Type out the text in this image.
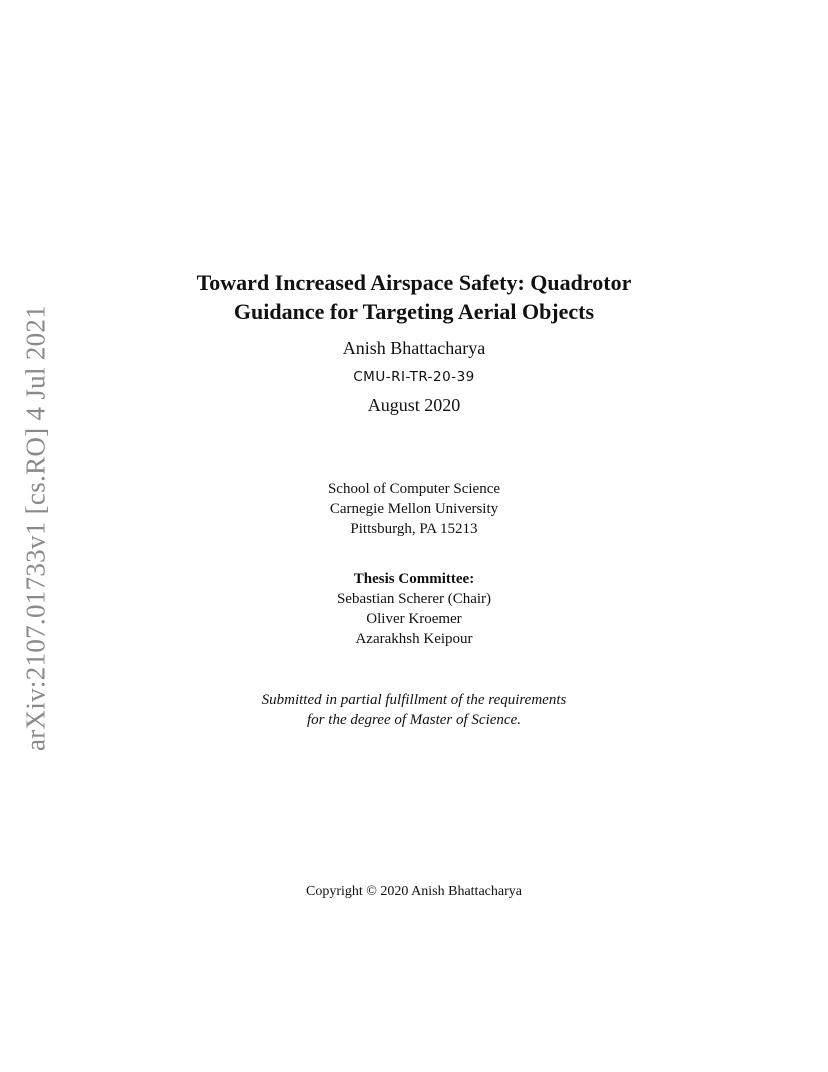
arXiv:2107.01733v1 [cs.RO] 4 Jul 2021
Toward Increased Airspace Safety: Quadrotor
Guidance for Targeting Aerial Objects
Anish Bhattacharya
CMU-RI-TR-20-39
August 2020
School of Computer Science
Carnegie Mellon University
Pittsburgh, PA 15213
Thesis Committee:
Sebastian Scherer (Chair)
Oliver Kroemer
Azarakhsh Keipour
Submitted in partial fulfillment of the requirements
for the degree of Master of Science.
Copyright © 2020 Anish Bhattacharya
